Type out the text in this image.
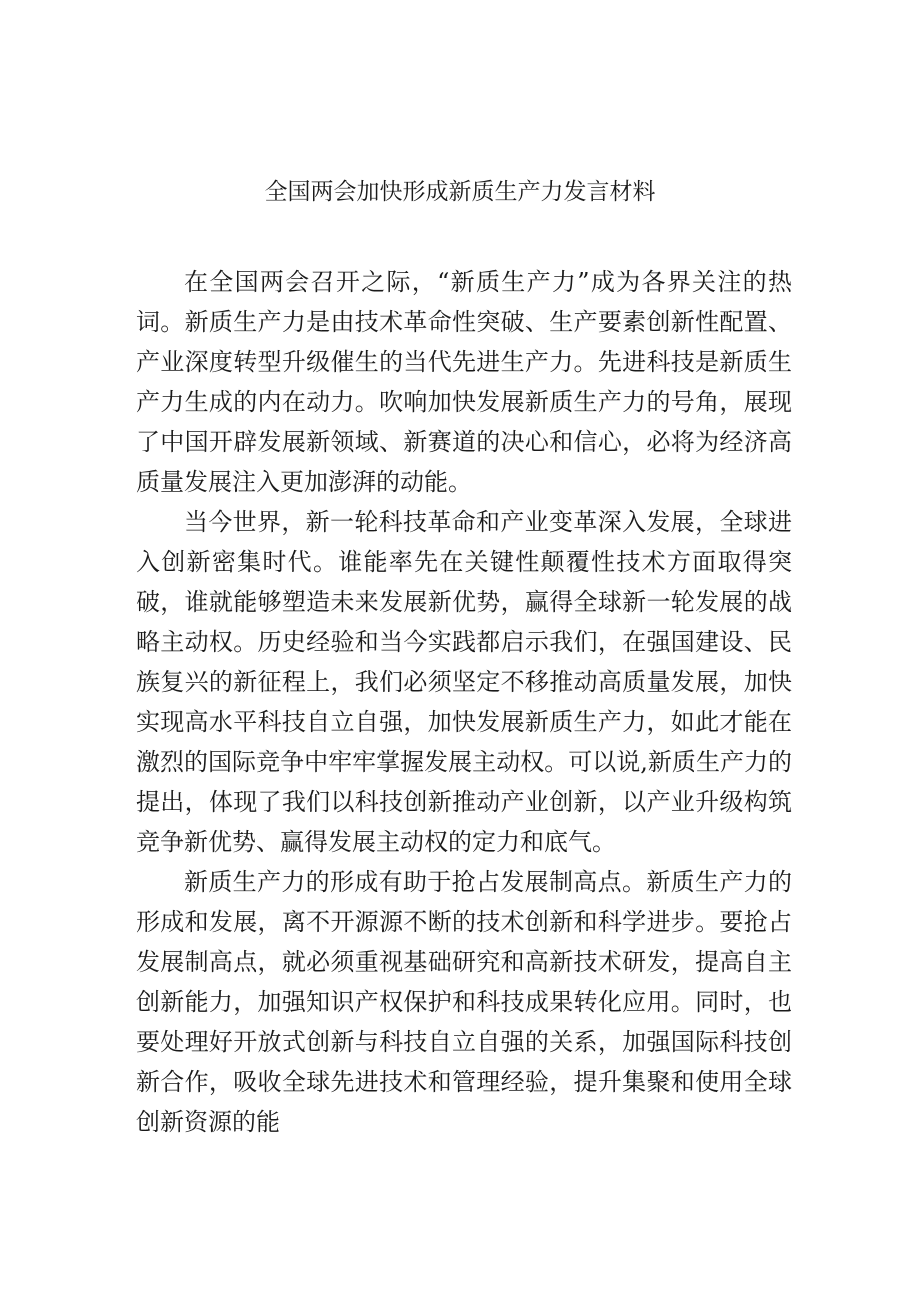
全国两会加快形成新质生产力发言材料

在全国两会召开之际，“新质生产力”成为各界关注的热词。新质生产力是由技术革命性突破、生产要素创新性配置、产业深度转型升级催生的当代先进生产力。先进科技是新质生产力生成的内在动力。吹响加快发展新质生产力的号角，展现了中国开辟发展新领域、新赛道的决心和信心，必将为经济高质量发展注入更加澎湃的动能。

当今世界，新一轮科技革命和产业变革深入发展，全球进入创新密集时代。谁能率先在关键性颠覆性技术方面取得突破，谁就能够塑造未来发展新优势，赢得全球新一轮发展的战略主动权。历史经验和当今实践都启示我们，在强国建设、民族复兴的新征程上，我们必须坚定不移推动高质量发展，加快实现高水平科技自立自强，加快发展新质生产力，如此才能在激烈的国际竞争中牢牢掌握发展主动权。可以说,新质生产力的提出，体现了我们以科技创新推动产业创新，以产业升级构筑竞争新优势、赢得发展主动权的定力和底气。

新质生产力的形成有助于抢占发展制高点。新质生产力的形成和发展，离不开源源不断的技术创新和科学进步。要抢占发展制高点，就必须重视基础研究和高新技术研发，提高自主创新能力，加强知识产权保护和科技成果转化应用。同时，也要处理好开放式创新与科技自立自强的关系，加强国际科技创新合作，吸收全球先进技术和管理经验，提升集聚和使用全球创新资源的能
